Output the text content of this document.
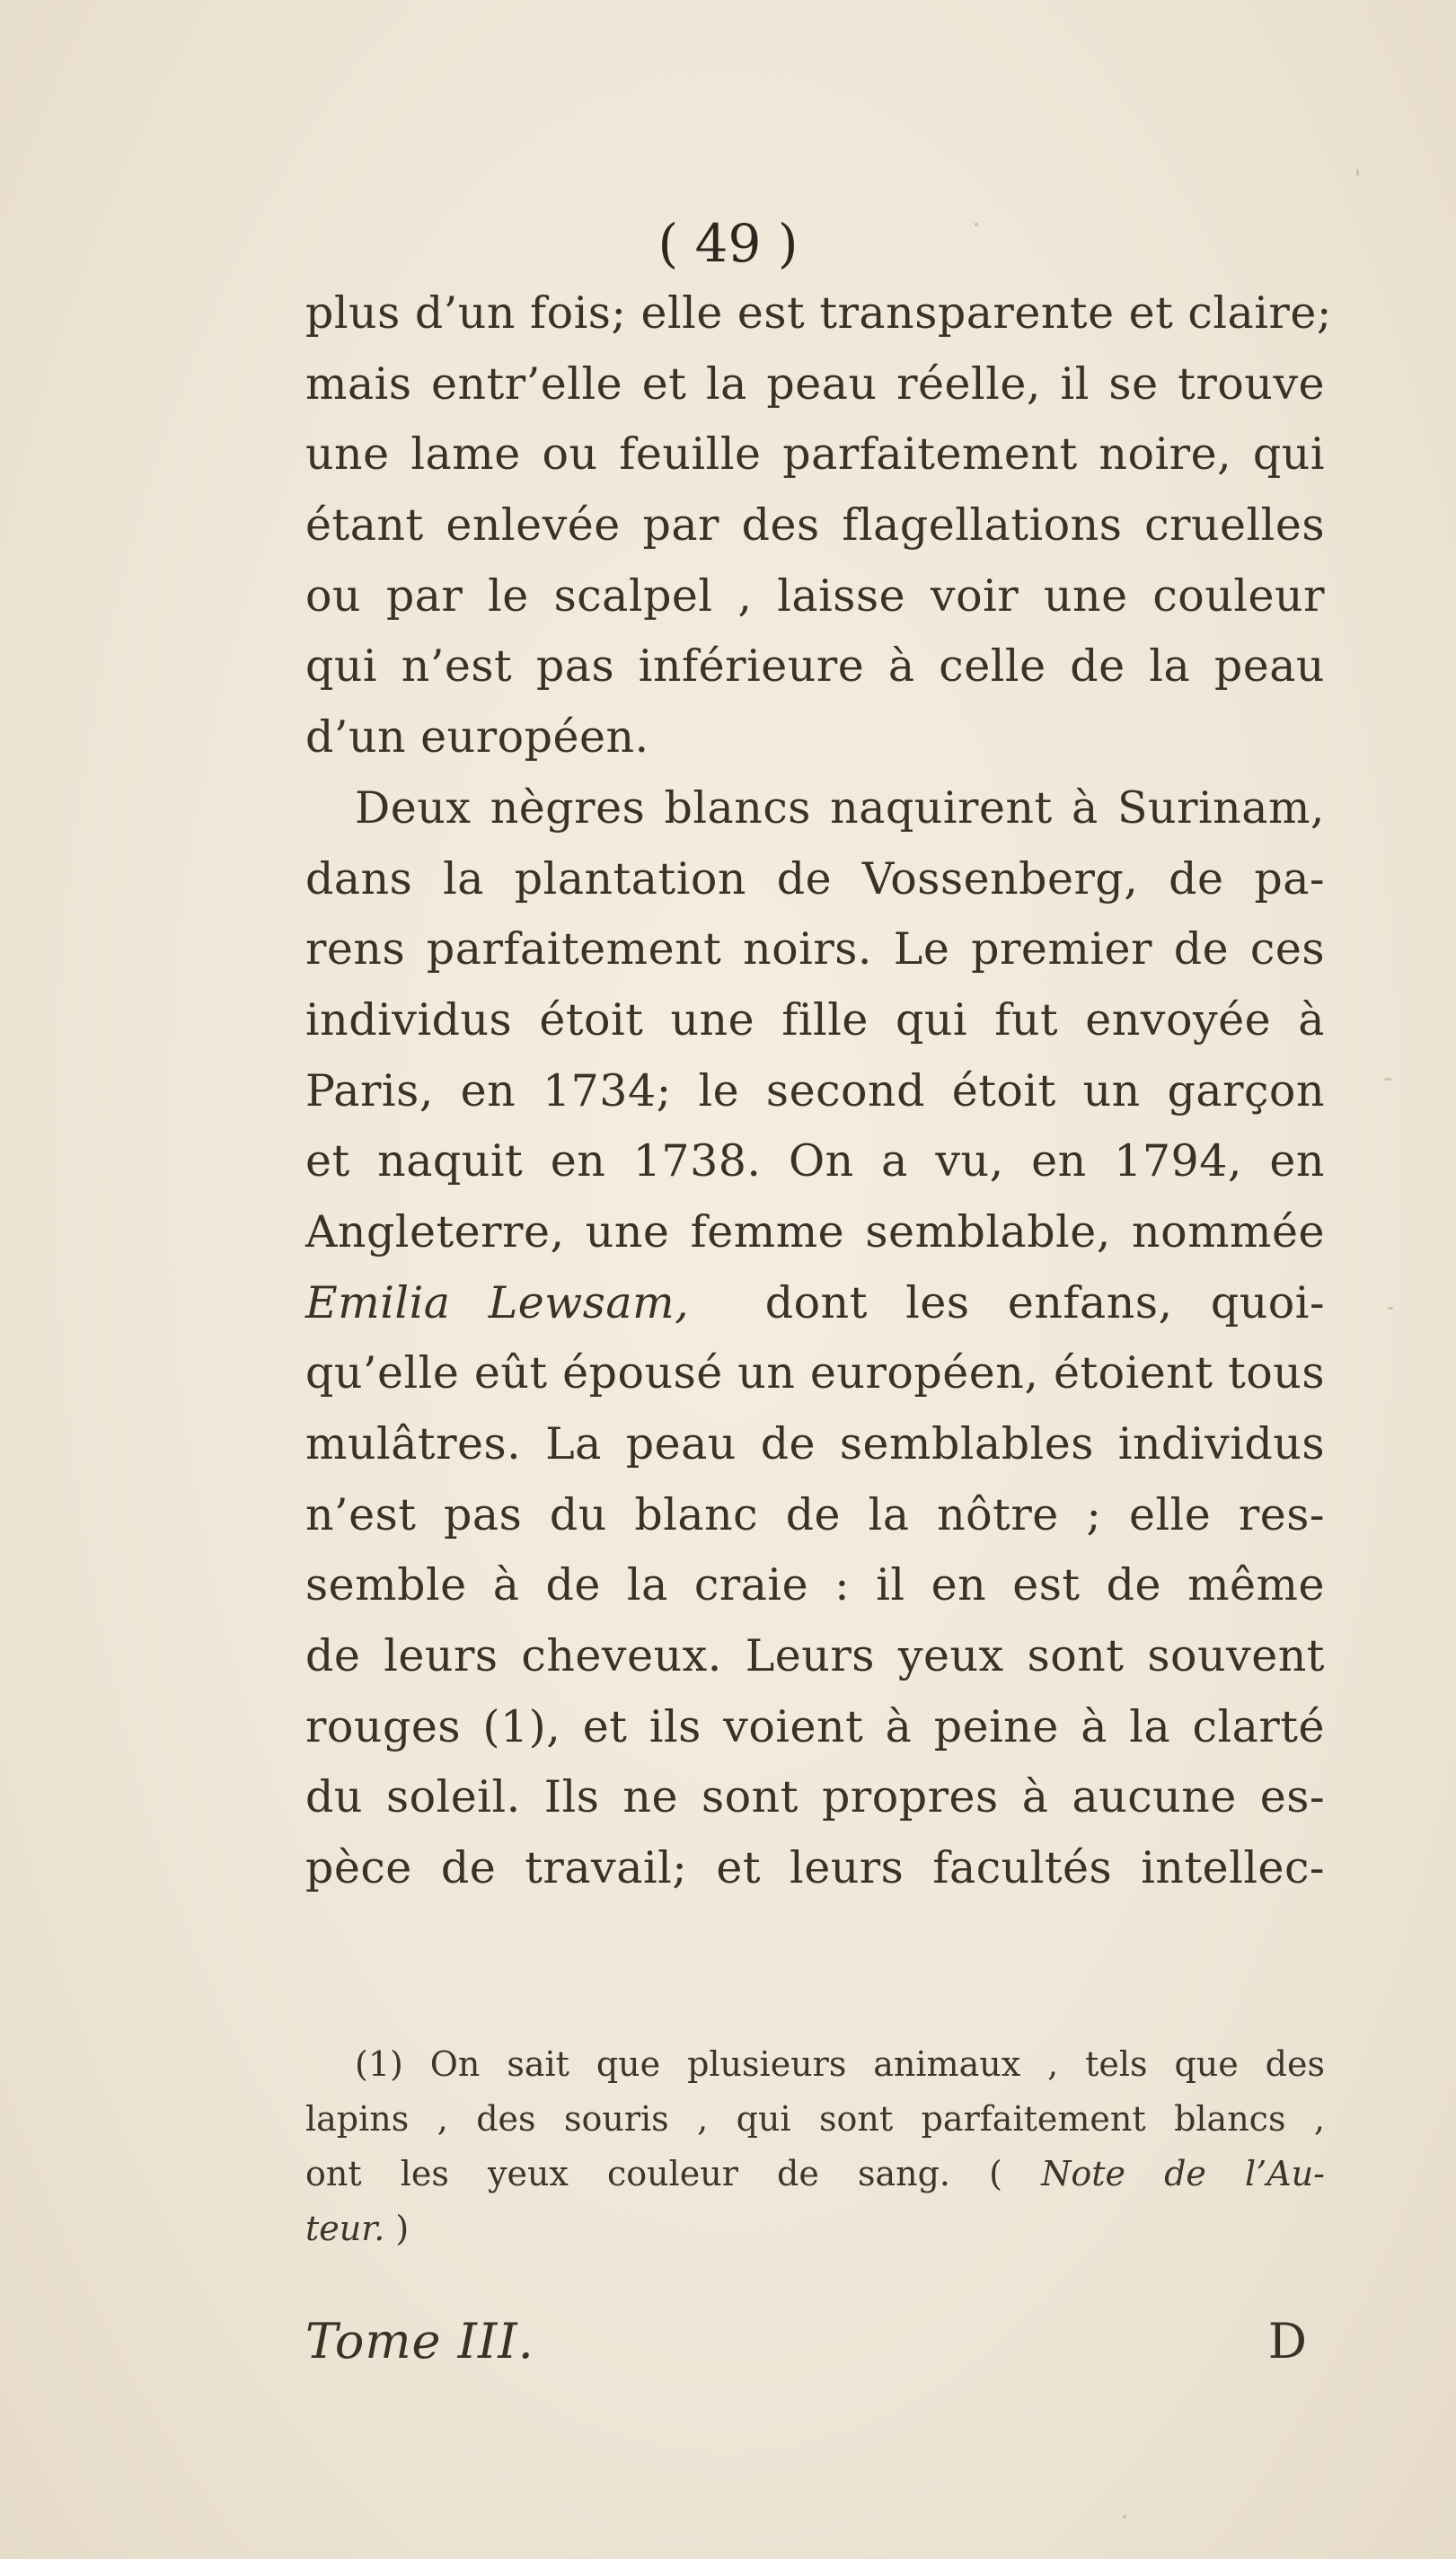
( 49 )
plus d’un fois; elle est transparente et claire;
mais entr’elle et la peau réelle, il se trouve
une lame ou feuille parfaitement noire, qui
étant enlevée par des flagellations cruelles
ou par le scalpel , laisse voir une couleur
qui n’est pas inférieure à celle de la peau
d’un européen.
Deux nègres blancs naquirent à Surinam,
dans la plantation de Vossenberg, de pa-
rens parfaitement noirs. Le premier de ces
individus étoit une fille qui fut envoyée à
Paris, en 1734; le second étoit un garçon
et naquit en 1738. On a vu, en 1794, en
Angleterre, une femme semblable, nommée
Emilia Lewsam, dont les enfans, quoi-
qu’elle eût épousé un européen, étoient tous
mulâtres. La peau de semblables individus
n’est pas du blanc de la nôtre ; elle res-
semble à de la craie : il en est de même
de leurs cheveux. Leurs yeux sont souvent
rouges (1), et ils voient à peine à la clarté
du soleil. Ils ne sont propres à aucune es-
pèce de travail; et leurs facultés intellec-
(1) On sait que plusieurs animaux , tels que des
lapins , des souris , qui sont parfaitement blancs ,
ont les yeux couleur de sang. ( Note de l’Au-
teur. )
Tome III.	D
